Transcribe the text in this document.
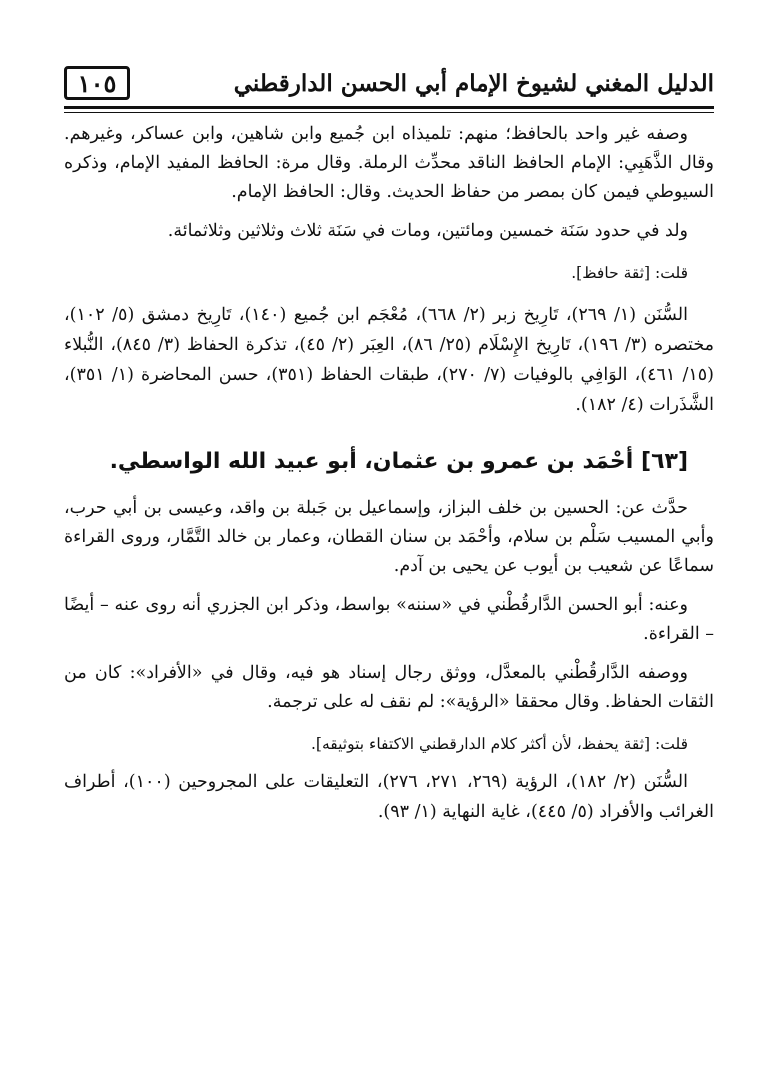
الدليل المغني لشيوخ الإمام أبي الحسن الدارقطني
١٠٥

وصفه غير واحد بالحافظ؛ منهم: تلميذاه ابن جُميع وابن شاهين، وابن عساكر، وغيرهم. وقال الذَّهَبِي: الإمام الحافظ الناقد محدِّث الرملة. وقال مرة: الحافظ المفيد الإمام، وذكره السيوطي فيمن كان بمصر من حفاظ الحديث. وقال: الحافظ الإمام.

ولد في حدود سَنَة خمسين ومائتين، ومات في سَنَة ثلاث وثلاثين وثلاثمائة.

قلت: [ثقة حافظ].

السُّنَن (١/ ٢٦٩)، تَارِيخ زبر (٢/ ٦٦٨)، مُعْجَم ابن جُميع (١٤٠)، تَارِيخ دمشق (٥/ ١٠٢)، مختصره (٣/ ١٩٦)، تَارِيخ الإِسْلَام (٢٥/ ٨٦)، العِبَر (٢/ ٤٥)، تذكرة الحفاظ (٣/ ٨٤٥)، النُّبلاء (١٥/ ٤٦١)، الوَافِي بالوفيات (٧/ ٢٧٠)، طبقات الحفاظ (٣٥١)، حسن المحاضرة (١/ ٣٥١)، الشَّذَرات (٤/ ١٨٢).

[٦٣] أحْمَد بن عمرو بن عثمان، أبو عبيد الله الواسطي.

حدَّث عن: الحسين بن خلف البزاز، وإسماعيل بن جَبلة بن واقد، وعيسى بن أبي حرب، وأبي المسيب سَلْم بن سلام، وأحْمَد بن سنان القطان، وعمار بن خالد التَّمَّار، وروى القراءة سماعًا عن شعيب بن أيوب عن يحيى بن آدم.

وعنه: أبو الحسن الدَّارقُطْني في «سننه» بواسط، وذكر ابن الجزري أنه روى عنه – أيضًا – القراءة.

ووصفه الدَّارقُطْني بالمعدَّل، ووثق رجال إسناد هو فيه، وقال في «الأفراد»: كان من الثقات الحفاظ. وقال محققا «الرؤية»: لم نقف له على ترجمة.

قلت: [ثقة يحفظ، لأن أكثر كلام الدارقطني الاكتفاء بتوثيقه].

السُّنَن (٢/ ١٨٢)، الرؤية (٢٦٩، ٢٧١، ٢٧٦)، التعليقات على المجروحين (١٠٠)، أطراف الغرائب والأفراد (٥/ ٤٤٥)، غاية النهاية (١/ ٩٣).
